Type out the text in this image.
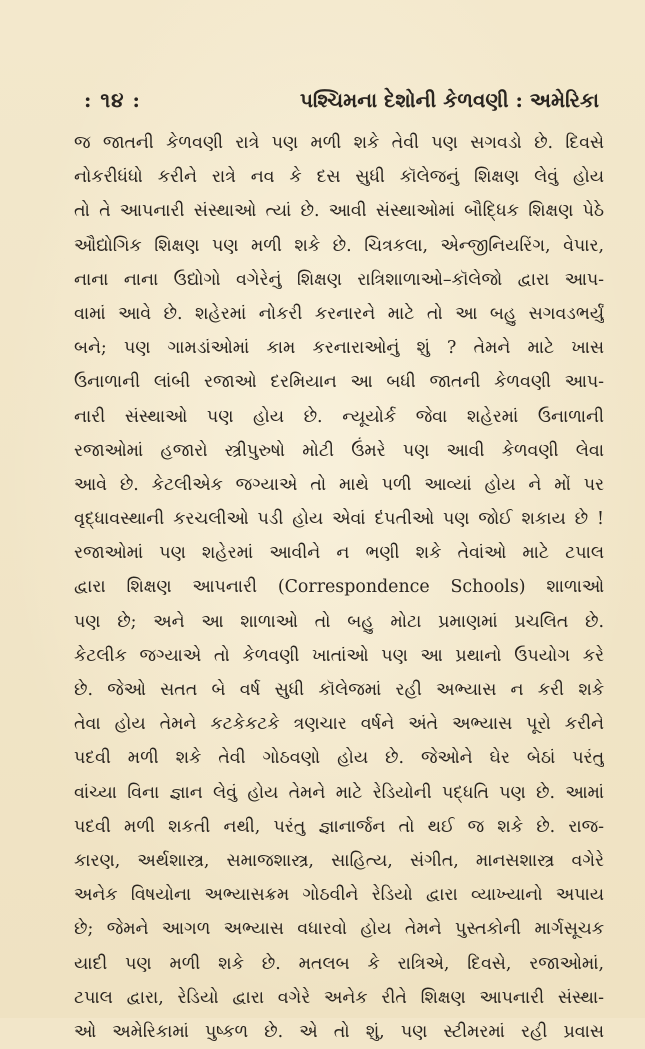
: ૧૪ :	પશ્ચિમના દેશોની કેળવણી : અમેરિકા
જ જાતની કેળવણી રાત્રે પણ મળી શકે તેવી પણ સગવડો છે. દિવસે
નોકરીધંધો કરીને રાત્રે નવ કે દસ સુધી કૉલેજનું શિક્ષણ લેવું હોય
તો તે આપનારી સંસ્થાઓ ત્યાં છે. આવી સંસ્થાઓમાં બૌદ્ધિક શિક્ષણ પેઠે
ઔદ્યોગિક શિક્ષણ પણ મળી શકે છે. ચિત્રકલા, એન્જીનિયરિંગ, વેપાર,
નાના નાના ઉદ્યોગો વગેરેનું શિક્ષણ રાત્રિશાળાઓ–કૉલેજો દ્વારા આપ-
વામાં આવે છે. શહેરમાં નોકરી કરનારને માટે તો આ બહુ સગવડભર્યું
બને; પણ ગામડાંઓમાં કામ કરનારાઓનું શું ? તેમને માટે ખાસ
ઉનાળાની લાંબી રજાઓ દરમિયાન આ બધી જાતની કેળવણી આપ-
નારી સંસ્થાઓ પણ હોય છે. ન્યૂયોર્ક જેવા શહેરમાં ઉનાળાની
રજાઓમાં હજારો સ્ત્રીપુરુષો મોટી ઉંમરે પણ આવી કેળવણી લેવા
આવે છે. કેટલીએક જગ્યાએ તો માથે પળી આવ્યાં હોય ને મોં પર
વૃદ્ધાવસ્થાની કરચલીઓ પડી હોય એવાં દંપતીઓ પણ જોઈ શકાય છે !
રજાઓમાં પણ શહેરમાં આવીને ન ભણી શકે તેવાંઓ માટે ટપાલ
દ્વારા શિક્ષણ આપનારી (Correspondence Schools) શાળાઓ
પણ છે; અને આ શાળાઓ તો બહુ મોટા પ્રમાણમાં પ્રચલિત છે.
કેટલીક જગ્યાએ તો કેળવણી ખાતાંઓ પણ આ પ્રથાનો ઉપયોગ કરે
છે. જેઓ સતત બે વર્ષ સુધી કૉલેજમાં રહી અભ્યાસ ન કરી શકે
તેવા હોય તેમને કટકેકટકે ત્રણચાર વર્ષને અંતે અભ્યાસ પૂરો કરીને
પદવી મળી શકે તેવી ગોઠવણો હોય છે. જેઓને ઘેર બેઠાં પરંતુ
વાંચ્યા વિના જ્ઞાન લેવું હોય તેમને માટે રેડિયોની પદ્ધતિ પણ છે. આમાં
પદવી મળી શકતી નથી, પરંતુ જ્ઞાનાર્જન તો થઈ જ શકે છે. રાજ-
કારણ, અર્થશાસ્ત્ર, સમાજશાસ્ત્ર, સાહિત્ય, સંગીત, માનસશાસ્ત્ર વગેરે
અનેક વિષયોના અભ્યાસક્રમ ગોઠવીને રેડિયો દ્વારા વ્યાખ્યાનો અપાય
છે; જેમને આગળ અભ્યાસ વધારવો હોય તેમને પુસ્તકોની માર્ગસૂચક
યાદી પણ મળી શકે છે. મતલબ કે રાત્રિએ, દિવસે, રજાઓમાં,
ટપાલ દ્વારા, રેડિયો દ્વારા વગેરે અનેક રીતે શિક્ષણ આપનારી સંસ્થા-
ઓ અમેરિકામાં પુષ્કળ છે. એ તો શું, પણ સ્ટીમરમાં રહી પ્રવાસ
